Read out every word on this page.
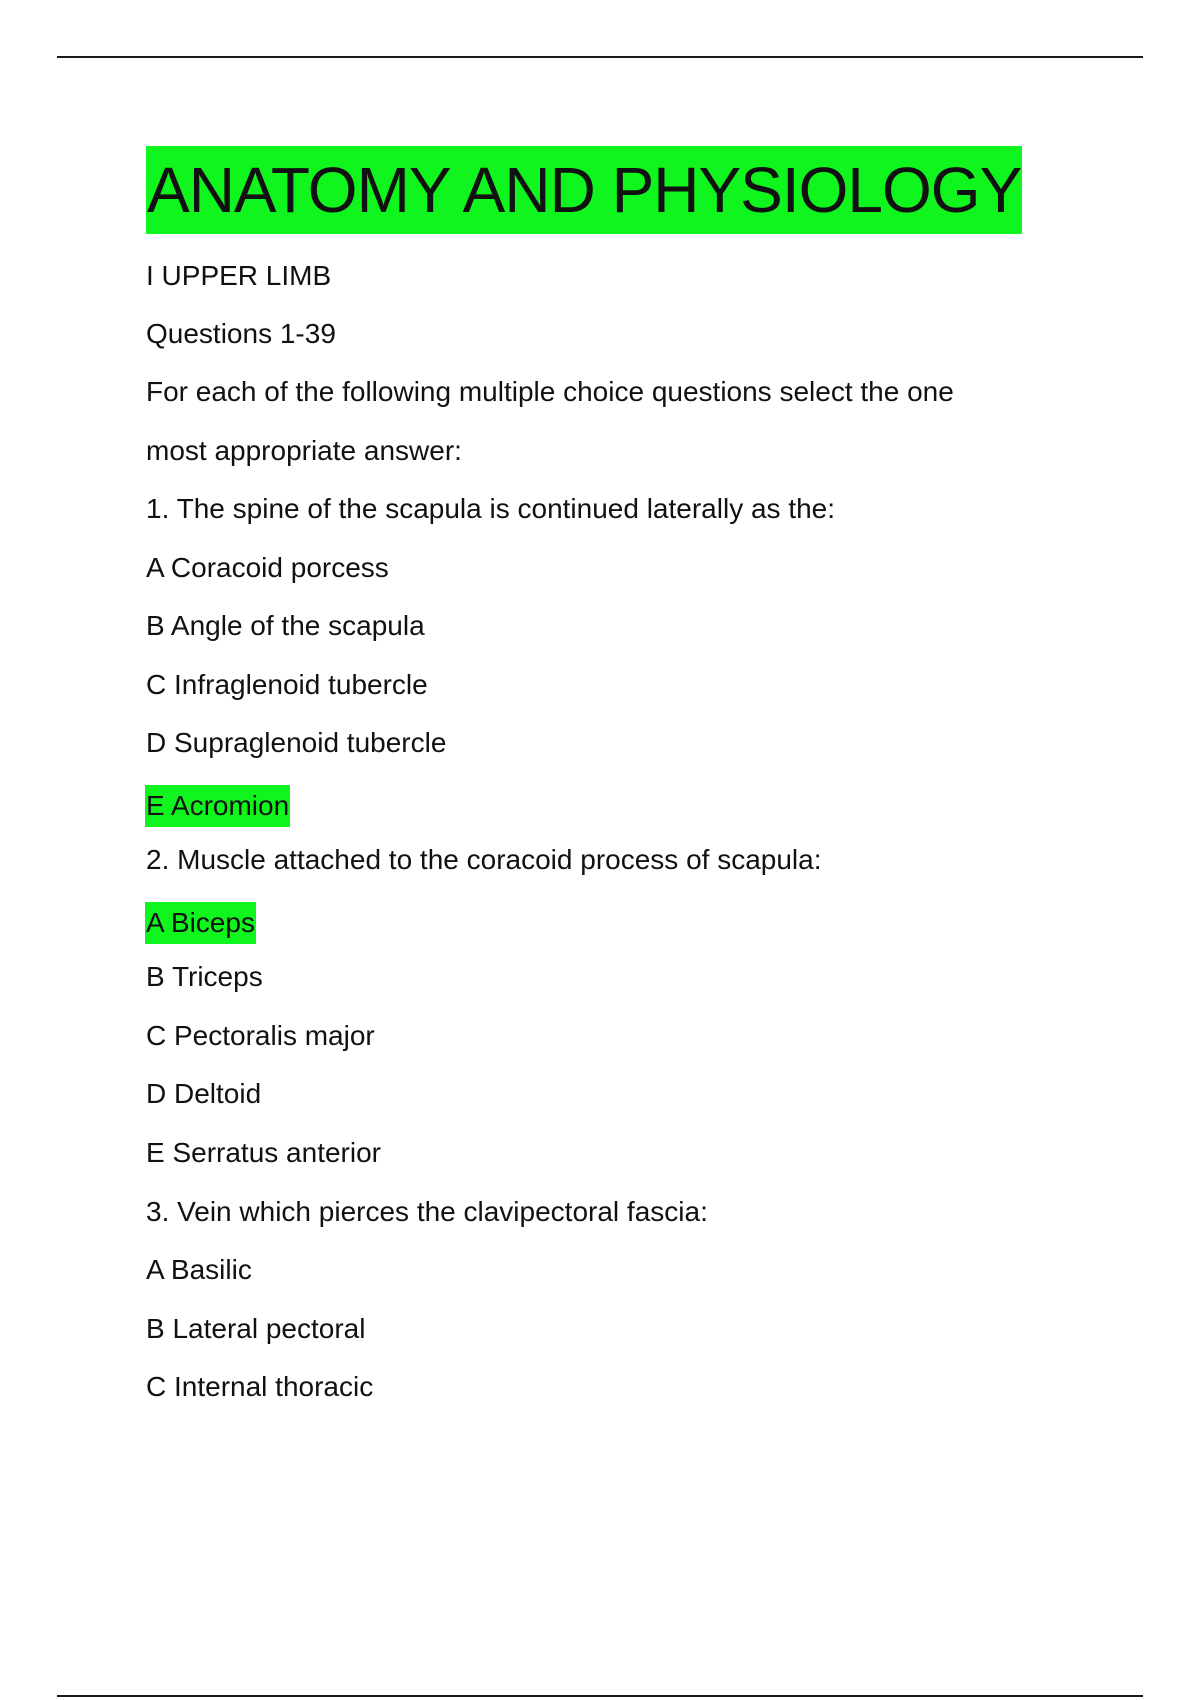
ANATOMY AND PHYSIOLOGY

I UPPER LIMB

Questions 1-39

For each of the following multiple choice questions select the one

most appropriate answer:

1. The spine of the scapula is continued laterally as the:

A Coracoid porcess

B Angle of the scapula

C Infraglenoid tubercle

D Supraglenoid tubercle

E Acromion

2. Muscle attached to the coracoid process of scapula:

A Biceps

B Triceps

C Pectoralis major

D Deltoid

E Serratus anterior

3. Vein which pierces the clavipectoral fascia:

A Basilic

B Lateral pectoral

C Internal thoracic
